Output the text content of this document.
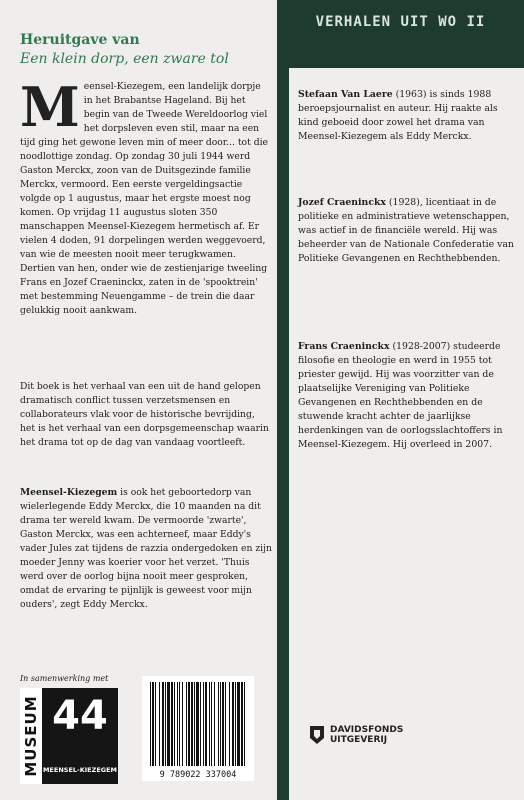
Heruitgave van
Een klein dorp, een zware tol
Meensel-Kiezegem, een landelijk dorpje in het Brabantse Hageland. Bij het begin van de Tweede Wereldoorlog viel het dorpsleven even stil, maar na een tijd ging het gewone leven min of meer door... tot die noodlottige zondag. Op zondag 30 juli 1944 werd Gaston Merckx, zoon van de Duitsgezinde familie Merckx, vermoord. Een eerste vergeldingsactie volgde op 1 augustus, maar het ergste moest nog komen. Op vrijdag 11 augustus sloten 350 manschappen Meensel-Kiezegem hermetisch af. Er vielen 4 doden, 91 dorpelingen werden weggevoerd, van wie de meesten nooit meer terugkwamen. Dertien van hen, onder wie de zestienjarige tweeling Frans en Jozef Craeninckx, zaten in de 'spooktrein' met bestemming Neuengamme – de trein die daar gelukkig nooit aankwam.
Dit boek is het verhaal van een uit de hand gelopen dramatisch conflict tussen verzetsmensen en collaborateurs vlak voor de historische bevrijding, het is het verhaal van een dorpsgemeenschap waarin het drama tot op de dag van vandaag voortleeft.
Meensel-Kiezegem is ook het geboortedorp van wielerlegende Eddy Merckx, die 10 maanden na dit drama ter wereld kwam. De vermoorde 'zwarte', Gaston Merckx, was een achterneef, maar Eddy's vader Jules zat tijdens de razzia ondergedoken en zijn moeder Jenny was koerier voor het verzet. 'Thuis werd over de oorlog bijna nooit meer gesproken, omdat de ervaring te pijnlijk is geweest voor mijn ouders', zegt Eddy Merckx.
In samenwerking met
MUSEUM 44
MEENSEL-KIEZEGEM	9 789022 337004
VERHALEN UIT WO II
Stefaan Van Laere (1963) is sinds 1988 beroepsjournalist en auteur. Hij raakte als kind geboeid door zowel het drama van Meensel-Kiezegem als Eddy Merckx.
Jozef Craeninckx (1928), licentiaat in de politieke en administratieve wetenschappen, was actief in de financiële wereld. Hij was beheerder van de Nationale Confederatie van Politieke Gevangenen en Rechthebbenden.
Frans Craeninckx (1928-2007) studeerde filosofie en theologie en werd in 1955 tot priester gewijd. Hij was voorzitter van de plaatselijke Vereniging van Politieke Gevangenen en Rechthebbenden en de stuwende kracht achter de jaarlijkse herdenkingen van de oorlogsslachtoffers in Meensel-Kiezegem. Hij overleed in 2007.
DAVIDSFONDS
UITGEVERIJ
